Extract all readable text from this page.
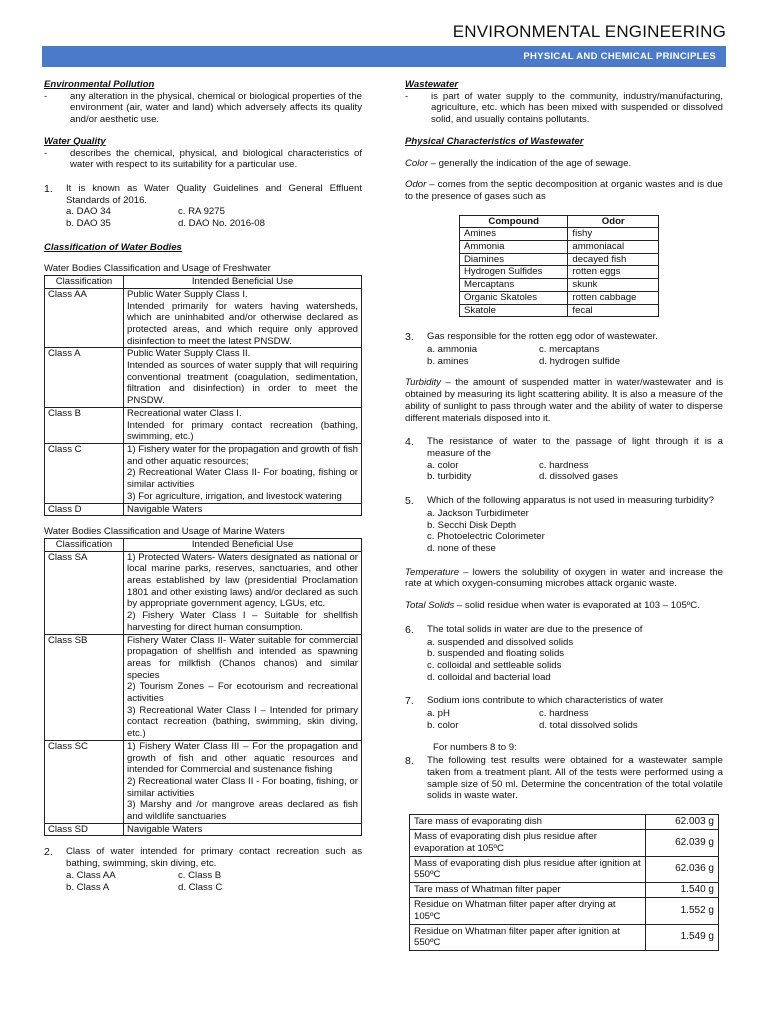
ENVIRONMENTAL ENGINEERING
PHYSICAL AND CHEMICAL PRINCIPLES

Environmental Pollution

-	any alteration in the physical, chemical or biological properties of the environment (air, water and land) which adversely affects its quality and/or aesthetic use.

Water Quality

-	describes the chemical, physical, and biological characteristics of water with respect to its suitability for a particular use.
1.	It is known as Water Quality Guidelines and General Effluent Standards of 2016.
a. DAO 34	c. RA 9275
b. DAO 35	d. DAO No. 2016-08

Classification of Water Bodies

Water Bodies Classification and Usage of Freshwater
Classification	Intended Beneficial Use
Class AA	Public Water Supply Class I.
Intended primarily for waters having watersheds, which are uninhabited and/or otherwise declared as protected areas, and which require only approved disinfection to meet the latest PNSDW.
Class A	Public Water Supply Class II.
Intended as sources of water supply that will requiring conventional treatment (coagulation, sedimentation, filtration and disinfection) in order to meet the PNSDW.
Class B	Recreational water Class I.
Intended for primary contact recreation (bathing, swimming, etc.)
Class C	1) Fishery water for the propagation and growth of fish and other aquatic resources;
2) Recreational Water Class II- For boating, fishing or similar activities
3) For agriculture, irrigation, and livestock watering
Class D	Navigable Waters
Water Bodies Classification and Usage of Marine Waters
Classification	Intended Beneficial Use
Class SA	1) Protected Waters- Waters designated as national or local marine parks, reserves, sanctuaries, and other areas established by law (presidential Proclamation 1801 and other existing laws) and/or declared as such by appropriate government agency, LGUs, etc.
2) Fishery Water Class I – Suitable for shellfish harvesting for direct human consumption.
Class SB	Fishery Water Class II- Water suitable for commercial propagation of shellfish and intended as spawning areas for milkfish (Chanos chanos) and similar species
2) Tourism Zones – For ecotourism and recreational activities
3) Recreational Water Class I – Intended for primary contact recreation (bathing, swimming, skin diving, etc.)
Class SC	1) Fishery Water Class III – For the propagation and growth of fish and other aquatic resources and intended for Commercial and sustenance fishing
2) Recreational water Class II - For boating, fishing, or similar activities
3) Marshy and /or mangrove areas declared as fish and wildlife sanctuaries
Class SD	Navigable Waters
2.	Class of water intended for primary contact recreation such as bathing, swimming, skin diving, etc.
a. Class AA	c. Class B
b. Class A	d. Class C

Wastewater

-	is part of water supply to the community, industry/manufacturing, agriculture, etc. which has been mixed with suspended or dissolved solid, and usually contains pollutants.

Physical Characteristics of Wastewater

Color – generally the indication of the age of sewage.
Odor – comes from the septic decomposition at organic wastes and is due to the presence of gases such as
Compound	Odor
Amines	fishy
Ammonia	ammoniacal
Diamines	decayed fish
Hydrogen Sulfides	rotten eggs
Mercaptans	skunk
Organic Skatoles	rotten cabbage
Skatole	fecal
3.	Gas responsible for the rotten egg odor of wastewater.
a. ammonia	c. mercaptans
b. amines	d. hydrogen sulfide
Turbidity – the amount of suspended matter in water/wastewater and is obtained by measuring its light scattering ability. It is also a measure of the ability of sunlight to pass through water and the ability of water to disperse different materials disposed into it.
4.	The resistance of water to the passage of light through it is a measure of the
a. color	c. hardness
b. turbidity	d. dissolved gases
5.	Which of the following apparatus is not used in measuring turbidity?
a. Jackson Turbidimeter
b. Secchi Disk Depth
c. Photoelectric Colorimeter
d. none of these
Temperature – lowers the solubility of oxygen in water and increase the rate at which oxygen-consuming microbes attack organic waste.
Total Solids – solid residue when water is evaporated at 103 – 105ºC.
6.	The total solids in water are due to the presence of
a. suspended and dissolved solids
b. suspended and floating solids
c. colloidal and settleable solids
d. colloidal and bacterial load
7.	Sodium ions contribute to which characteristics of water
a. pH	c. hardness
b. color	d. total dissolved solids
For numbers 8 to 9:
8.	The following test results were obtained for a wastewater sample taken from a treatment plant. All of the tests were performed using a sample size of 50 ml. Determine the concentration of the total volatile solids in waste water.
Tare mass of evaporating dish	62.003 g
Mass of evaporating dish plus residue after evaporation at 105ºC	62.039 g
Mass of evaporating dish plus residue after ignition at 550ºC	62.036 g
Tare mass of Whatman filter paper	1.540 g
Residue on Whatman filter paper after drying at 105ºC	1.552 g
Residue on Whatman filter paper after ignition at 550ºC	1.549 g
